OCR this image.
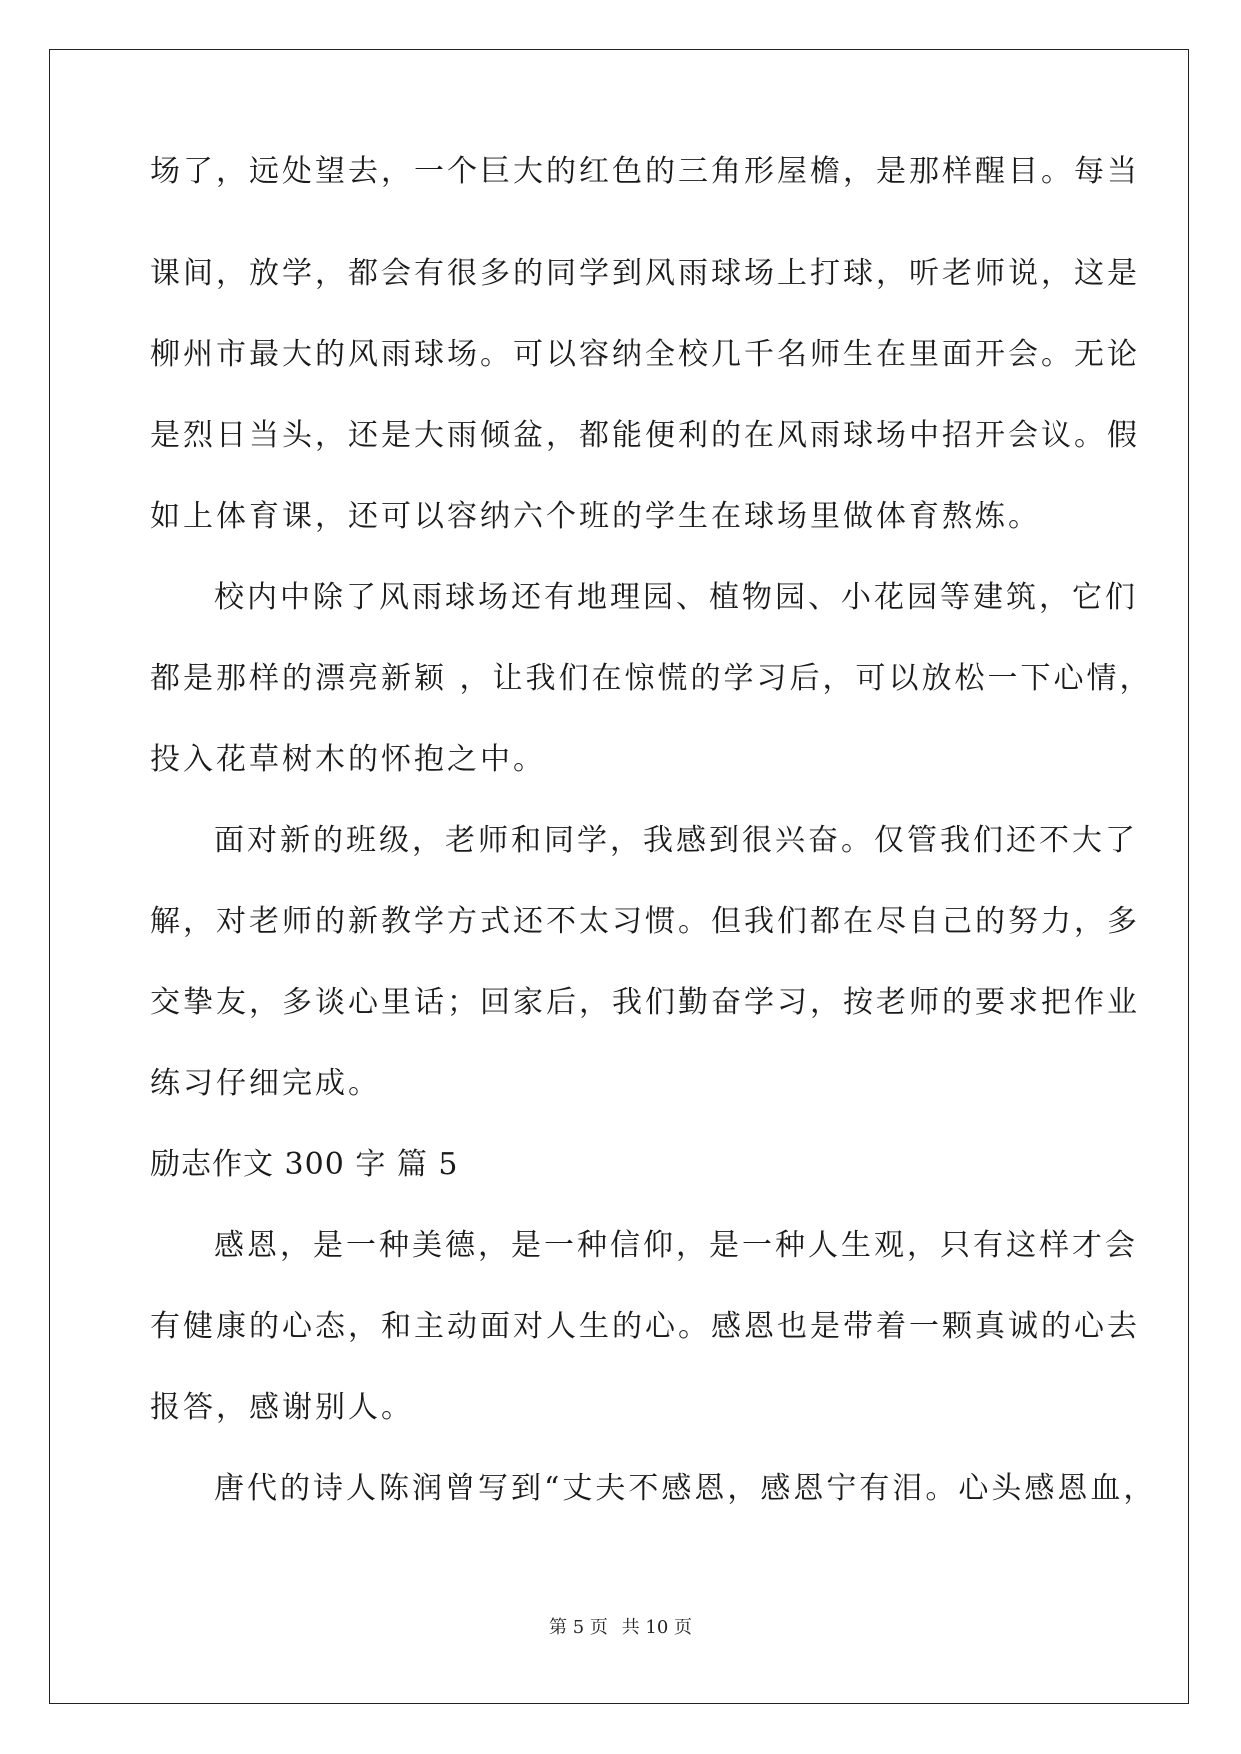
场了，远处望去，一个巨大的红色的三角形屋檐，是那样醒目。每当
课间，放学，都会有很多的同学到风雨球场上打球，听老师说，这是
柳州市最大的风雨球场。可以容纳全校几千名师生在里面开会。无论
是烈日当头，还是大雨倾盆，都能便利的在风雨球场中招开会议。假
如上体育课，还可以容纳六个班的学生在球场里做体育熬炼。
校内中除了风雨球场还有地理园、植物园、小花园等建筑，它们
都是那样的漂亮新颖 ，让我们在惊慌的学习后，可以放松一下心情，
投入花草树木的怀抱之中。
面对新的班级，老师和同学，我感到很兴奋。仅管我们还不大了
解，对老师的新教学方式还不太习惯。但我们都在尽自己的努力，多
交挚友，多谈心里话；回家后，我们勤奋学习，按老师的要求把作业
练习仔细完成。
励志作文 300 字 篇 5
感恩，是一种美德，是一种信仰，是一种人生观，只有这样才会
有健康的心态，和主动面对人生的心。感恩也是带着一颗真诚的心去
报答，感谢别人。
唐代的诗人陈润曾写到“丈夫不感恩，感恩宁有泪。心头感恩血，
第 5 页 共 10 页
